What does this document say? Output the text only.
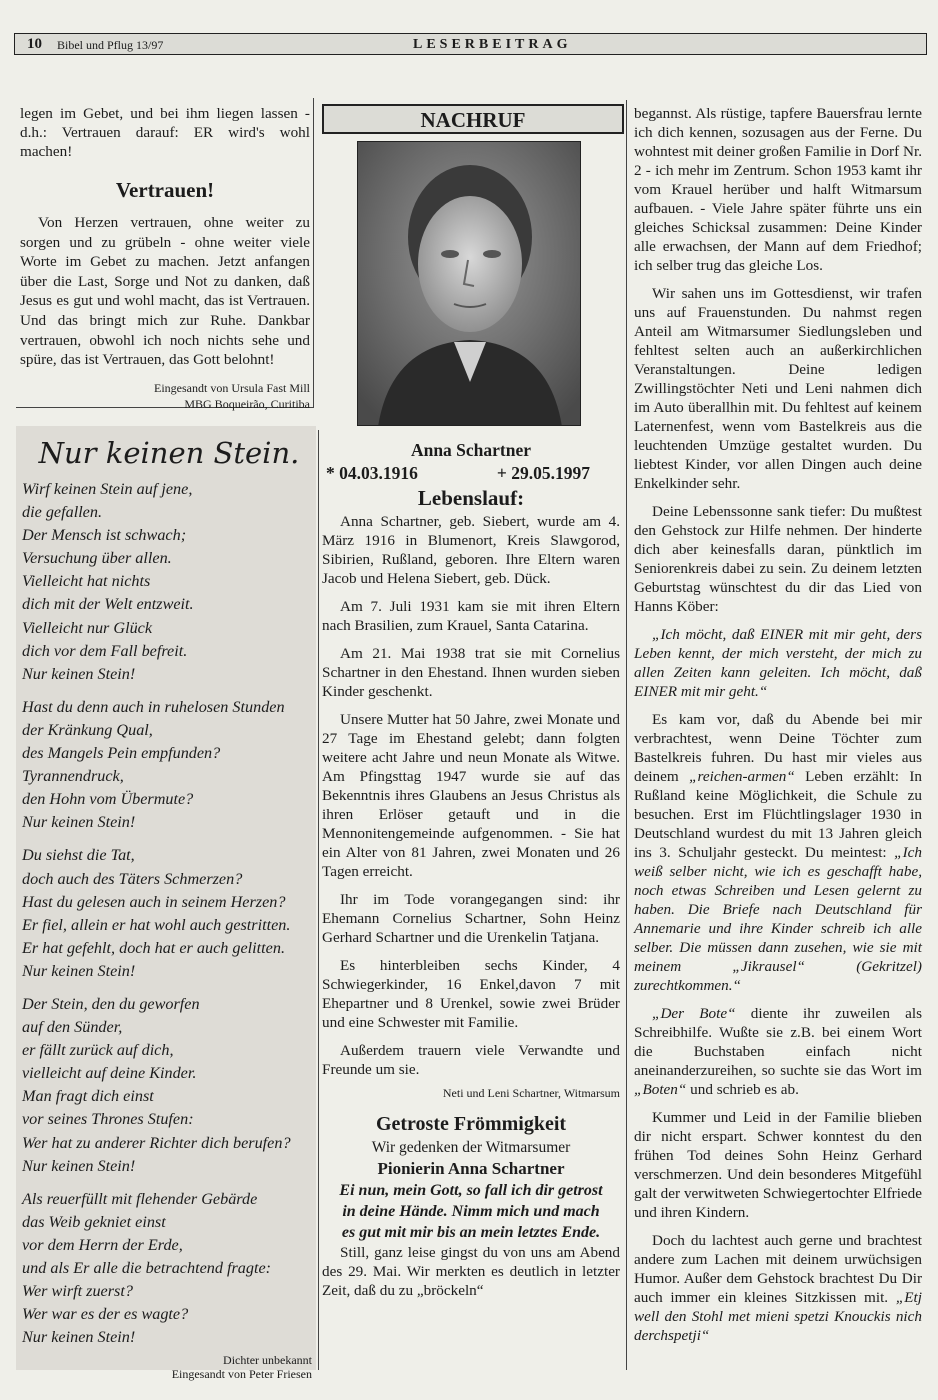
10 Bibel und Pflug 13/97	LESERBEITRAG

legen im Gebet, und bei ihm liegen lassen -d.h.: Vertrauen darauf: ER wird's wohl machen!

Vertrauen!

Von Herzen vertrauen, ohne weiter zu sorgen und zu grübeln - ohne weiter viele Worte im Gebet zu machen. Jetzt anfangen über die Last, Sorge und Not zu danken, daß Jesus es gut und wohl macht, das ist Vertrauen. Und das bringt mich zur Ruhe. Dankbar vertrauen, obwohl ich noch nichts sehe und spüre, das ist Vertrauen, das Gott belohnt!

Eingesandt von Ursula Fast Mill

MBG Boqueirão, Curitiba

Nur keinen Stein.
Wirf keinen Stein auf jene,
die gefallen.
Der Mensch ist schwach;
Versuchung über allen.
Vielleicht hat nichts
dich mit der Welt entzweit.
Vielleicht nur Glück
dich vor dem Fall befreit.
Nur keinen Stein!
Hast du denn auch in ruhelosen Stunden
der Kränkung Qual,
des Mangels Pein empfunden?
Tyrannendruck,
den Hohn vom Übermute?
Nur keinen Stein!
Du siehst die Tat,
doch auch des Täters Schmerzen?
Hast du gelesen auch in seinem Herzen?
Er fiel, allein er hat wohl auch gestritten.
Er hat gefehlt, doch hat er auch gelitten.
Nur keinen Stein!
Der Stein, den du geworfen
auf den Sünder,
er fällt zurück auf dich,
vielleicht auf deine Kinder.
Man fragt dich einst
vor seines Thrones Stufen:
Wer hat zu anderer Richter dich berufen?
Nur keinen Stein!
Als reuerfüllt mit flehender Gebärde
das Weib gekniet einst
vor dem Herrn der Erde,
und als Er alle die betrachtend fragte:
Wer wirft zuerst?
Wer war es der es wagte?
Nur keinen Stein!

Dichter unbekannt

Eingesandt von Peter Friesen

NACHRUF

Anna Schartner

* 04.03.1916	+ 29.05.1997

Lebenslauf:

Anna Schartner, geb. Siebert, wurde am 4. März 1916 in Blumenort, Kreis Slawgorod, Sibirien, Rußland, geboren. Ihre Eltern waren Jacob und Helena Siebert, geb. Dück.

Am 7. Juli 1931 kam sie mit ihren Eltern nach Brasilien, zum Krauel, Santa Catarina.

Am 21. Mai 1938 trat sie mit Cornelius Schartner in den Ehestand. Ihnen wurden sieben Kinder geschenkt.

Unsere Mutter hat 50 Jahre, zwei Monate und 27 Tage im Ehestand gelebt; dann folgten weitere acht Jahre und neun Monate als Witwe. Am Pfingsttag 1947 wurde sie auf das Bekenntnis ihres Glaubens an Jesus Christus als ihren Erlöser getauft und in die Mennonitengemeinde aufgenommen. - Sie hat ein Alter von 81 Jahren, zwei Monaten und 26 Tagen erreicht.

Ihr im Tode vorangegangen sind: ihr Ehemann Cornelius Schartner, Sohn Heinz Gerhard Schartner und die Urenkelin Tatjana.

Es hinterbleiben sechs Kinder, 4 Schwiegerkinder, 16 Enkel,davon 7 mit Ehepartner und 8 Urenkel, sowie zwei Brüder und eine Schwester mit Familie.

Außerdem trauern viele Verwandte und Freunde um sie.

Neti und Leni Schartner, Witmarsum

Getroste Frömmigkeit

Wir gedenken der Witmarsumer

Pionierin Anna Schartner

Ei nun, mein Gott, so fall ich dir getrost in deine Hände. Nimm mich und mach es gut mit mir bis an mein letztes Ende.

Still, ganz leise gingst du von uns am Abend des 29. Mai. Wir merkten es deutlich in letzter Zeit, daß du zu „bröckeln“

begannst. Als rüstige, tapfere Bauersfrau lernte ich dich kennen, sozusagen aus der Ferne. Du wohntest mit deiner großen Familie in Dorf Nr. 2 - ich mehr im Zentrum. Schon 1953 kamt ihr vom Krauel herüber und halft Witmarsum aufbauen. - Viele Jahre später führte uns ein gleiches Schicksal zusammen: Deine Kinder alle erwachsen, der Mann auf dem Friedhof; ich selber trug das gleiche Los.

Wir sahen uns im Gottesdienst, wir trafen uns auf Frauenstunden. Du nahmst regen Anteil am Witmarsumer Siedlungsleben und fehltest selten auch an außerkirchlichen Veranstaltungen. Deine ledigen Zwillingstöchter Neti und Leni nahmen dich im Auto überallhin mit. Du fehltest auf keinem Laternenfest, wenn vom Bastelkreis aus die leuchtenden Umzüge gestaltet wurden. Du liebtest Kinder, vor allen Dingen auch deine Enkelkinder sehr.

Deine Lebenssonne sank tiefer: Du mußtest den Gehstock zur Hilfe nehmen. Der hinderte dich aber keinesfalls daran, pünktlich im Seniorenkreis dabei zu sein. Zu deinem letzten Geburtstag wünschtest du dir das Lied von Hanns Köber:

„Ich möcht, daß EINER mit mir geht, ders Leben kennt, der mich versteht, der mich zu allen Zeiten kann geleiten. Ich möcht, daß EINER mit mir geht.“

Es kam vor, daß du Abende bei mir verbrachtest, wenn Deine Töchter zum Bastelkreis fuhren. Du hast mir vieles aus deinem „reichen-armen“ Leben erzählt: In Rußland keine Möglichkeit, die Schule zu besuchen. Erst im Flüchtlingslager 1930 in Deutschland wurdest du mit 13 Jahren gleich ins 3. Schuljahr gesteckt. Du meintest: „Ich weiß selber nicht, wie ich es geschafft habe, noch etwas Schreiben und Lesen gelernt zu haben. Die Briefe nach Deutschland für Annemarie und ihre Kinder schreib ich alle selber. Die müssen dann zusehen, wie sie mit meinem „Jikrausel“ (Gekritzel) zurechtkommen.“

„Der Bote“ diente ihr zuweilen als Schreibhilfe. Wußte sie z.B. bei einem Wort die Buchstaben einfach nicht aneinanderzureihen, so suchte sie das Wort im „Boten“ und schrieb es ab.

Kummer und Leid in der Familie blieben dir nicht erspart. Schwer konntest du den frühen Tod deines Sohn Heinz Gerhard verschmerzen. Und dein besonderes Mitgefühl galt der verwitweten Schwiegertochter Elfriede und ihren Kindern.

Doch du lachtest auch gerne und brachtest andere zum Lachen mit deinem urwüchsigen Humor. Außer dem Gehstock brachtest Du Dir auch immer ein kleines Sitzkissen mit. „Etj well den Stohl met mieni spetzi Knouckis nich derchspetji“
